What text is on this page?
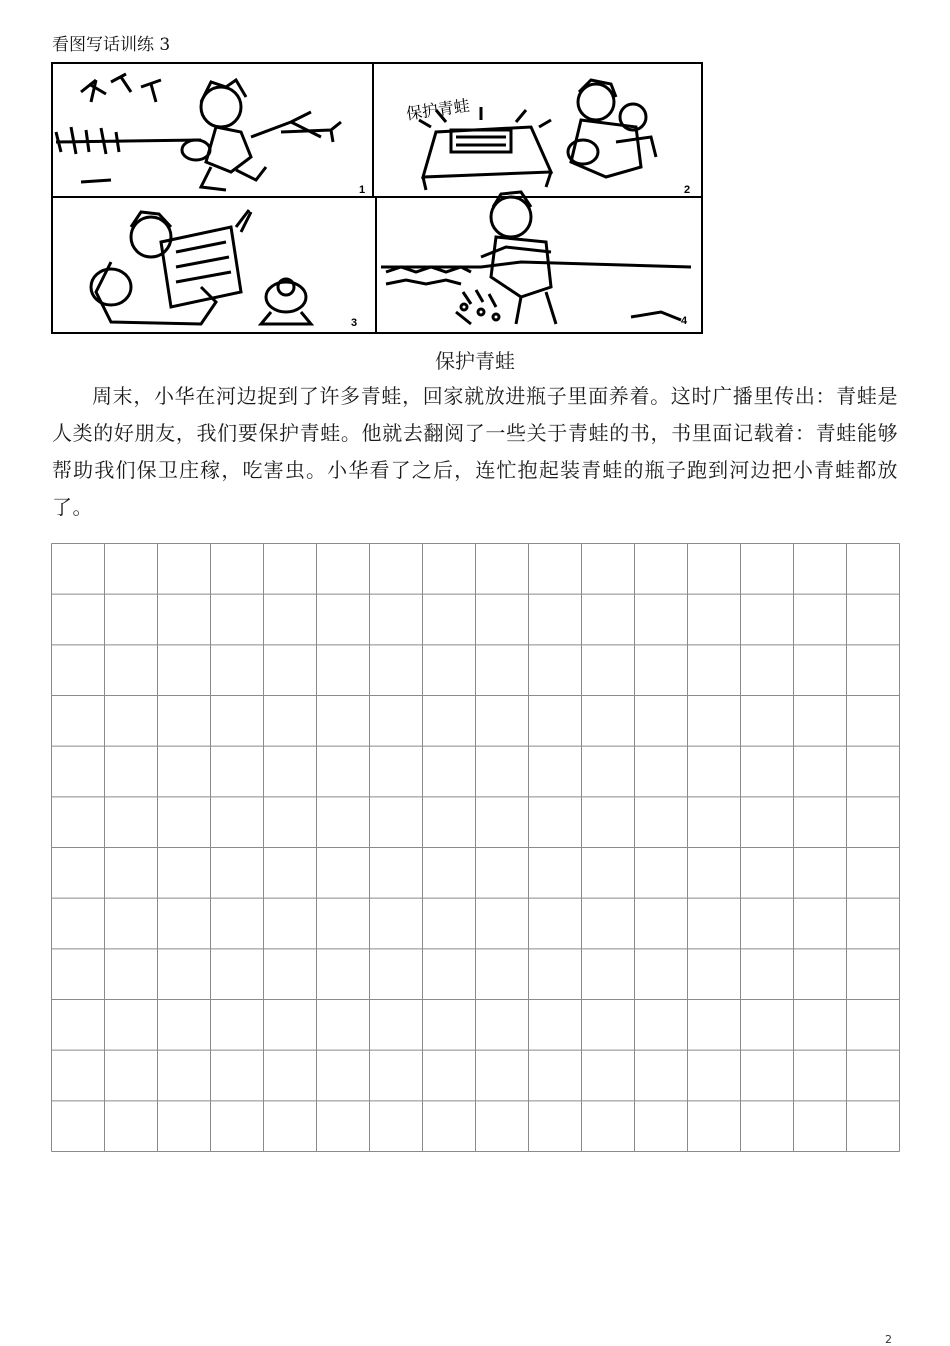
看图写话训练 3
1
保护青蛙
2
3	4
保护青蛙

周末，小华在河边捉到了许多青蛙，回家就放进瓶子里面养着。这时广播里传出：青蛙是人类的好朋友，我们要保护青蛙。他就去翻阅了一些关于青蛙的书，书里面记载着：青蛙能够帮助我们保卫庄稼，吃害虫。小华看了之后，连忙抱起装青蛙的瓶子跑到河边把小青蛙都放了。

2
